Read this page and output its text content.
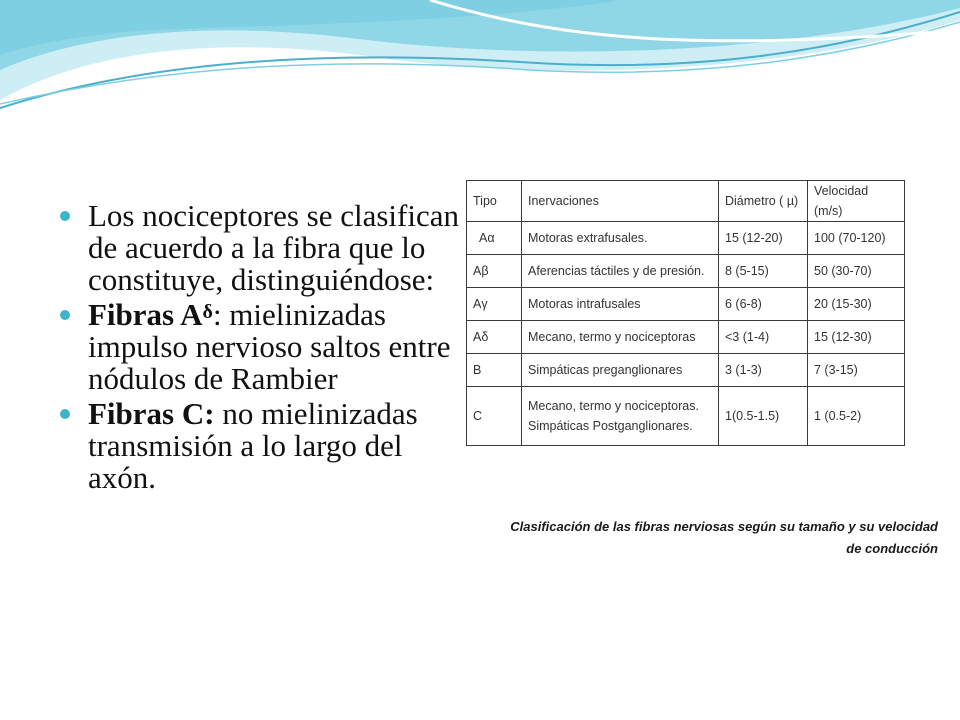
Los nociceptores se clasifican de acuerdo a la fibra que lo constituye, distinguiéndose:
Fibras $A^\delta$: mielinizadas impulso nervioso saltos entre nódulos de Rambier
Fibras C: no mielinizadas transmisión a lo largo del axón.
Tipo	Inervaciones	Diámetro ( µ)	Velocidad (m/s)
Aα	Motoras extrafusales.	15 (12-20)	100 (70-120)
Aβ	Aferencias táctiles y de presión.	8 (5-15)	50 (30-70)
Aγ	Motoras intrafusales	6 (6-8)	20 (15-30)
Aδ	Mecano, termo y nociceptoras	<3 (1-4)	15 (12-30)
B	Simpáticas preganglionares	3 (1-3)	7 (3-15)
C	Mecano, termo y nociceptoras. Simpáticas Postganglionares.	1(0.5-1.5)	1 (0.5-2)
Clasificación de las fibras nerviosas según su tamaño y su velocidad de conducción
